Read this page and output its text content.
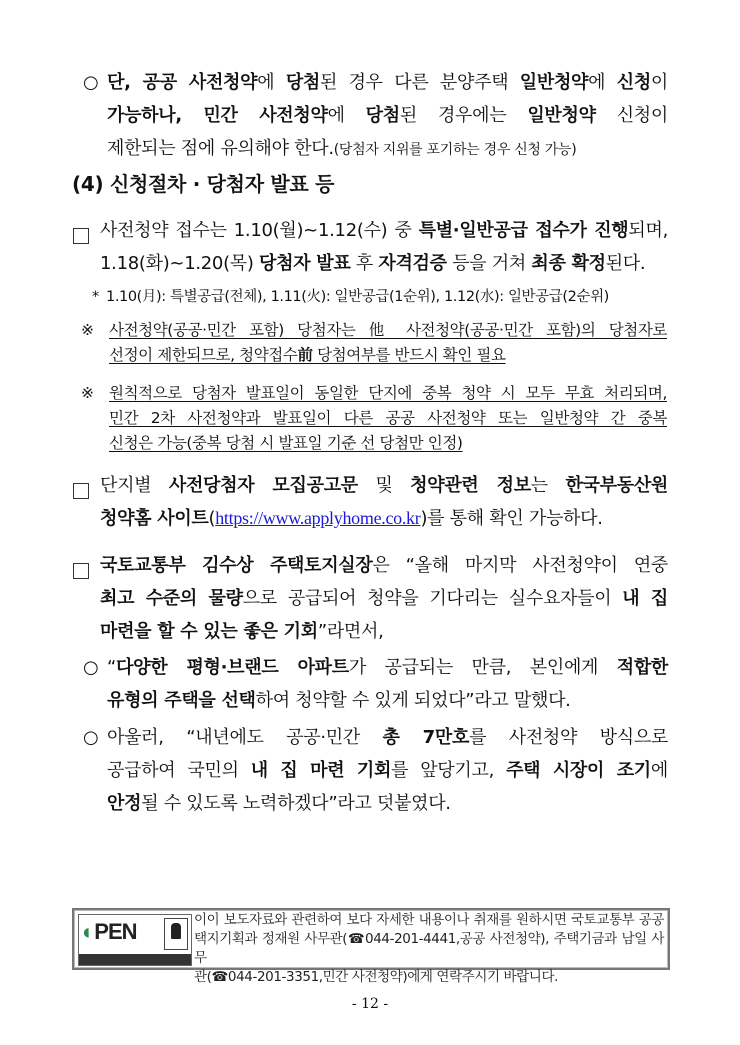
○ 단, 공공 사전청약에 당첨된 경우 다른 분양주택 일반청약에 신청이
가능하나, 민간 사전청약에 당첨된 경우에는 일반청약 신청이
제한되는 점에 유의해야 한다.(당첨자 지위를 포기하는 경우 신청 가능)
(4) 신청절차 · 당첨자 발표 등
사전청약 접수는 1.10(월)~1.12(수) 중 특별·일반공급 접수가 진행되며,
1.18(화)~1.20(목) 당첨자 발표 후 자격검증 등을 거쳐 최종 확정된다.
* 1.10(月): 특별공급(전체), 1.11(火): 일반공급(1순위), 1.12(水): 일반공급(2순위)
※ 사전청약(공공·민간 포함) 당첨자는 他 사전청약(공공·민간 포함)의 당첨자로
선정이 제한되므로, 청약접수前 당첨여부를 반드시 확인 필요
※ 원칙적으로 당첨자 발표일이 동일한 단지에 중복 청약 시 모두 무효 처리되며,
민간 2차 사전청약과 발표일이 다른 공공 사전청약 또는 일반청약 간 중복
신청은 가능(중복 당첨 시 발표일 기준 선 당첨만 인정)
단지별 사전당첨자 모집공고문 및 청약관련 정보는 한국부동산원
청약홈 사이트(https://www.applyhome.co.kr)를 통해 확인 가능하다.
국토교통부 김수상 주택토지실장은 “올해 마지막 사전청약이 연중
최고 수준의 물량으로 공급되어 청약을 기다리는 실수요자들이 내 집
마련을 할 수 있는 좋은 기회”라면서,
○ “다양한 평형·브랜드 아파트가 공급되는 만큼, 본인에게 적합한
유형의 주택을 선택하여 청약할 수 있게 되었다”라고 말했다.
○ 아울러, “내년에도 공공·민간 총 7만호를 사전청약 방식으로
공급하여 국민의 내 집 마련 기회를 앞당기고, 주택 시장이 조기에
안정될 수 있도록 노력하겠다”라고 덧붙였다.
◐PEN	이이 보도자료와 관련하여 보다 자세한 내용이나 취재를 원하시면 국토교통부 공공
택지기획과 정재원 사무관(☎044-201-4441,공공 사전청약), 주택기금과 남일 사무
관(☎044-201-3351,민간 사전청약)에게 연락주시기 바랍니다.
- 12 -
